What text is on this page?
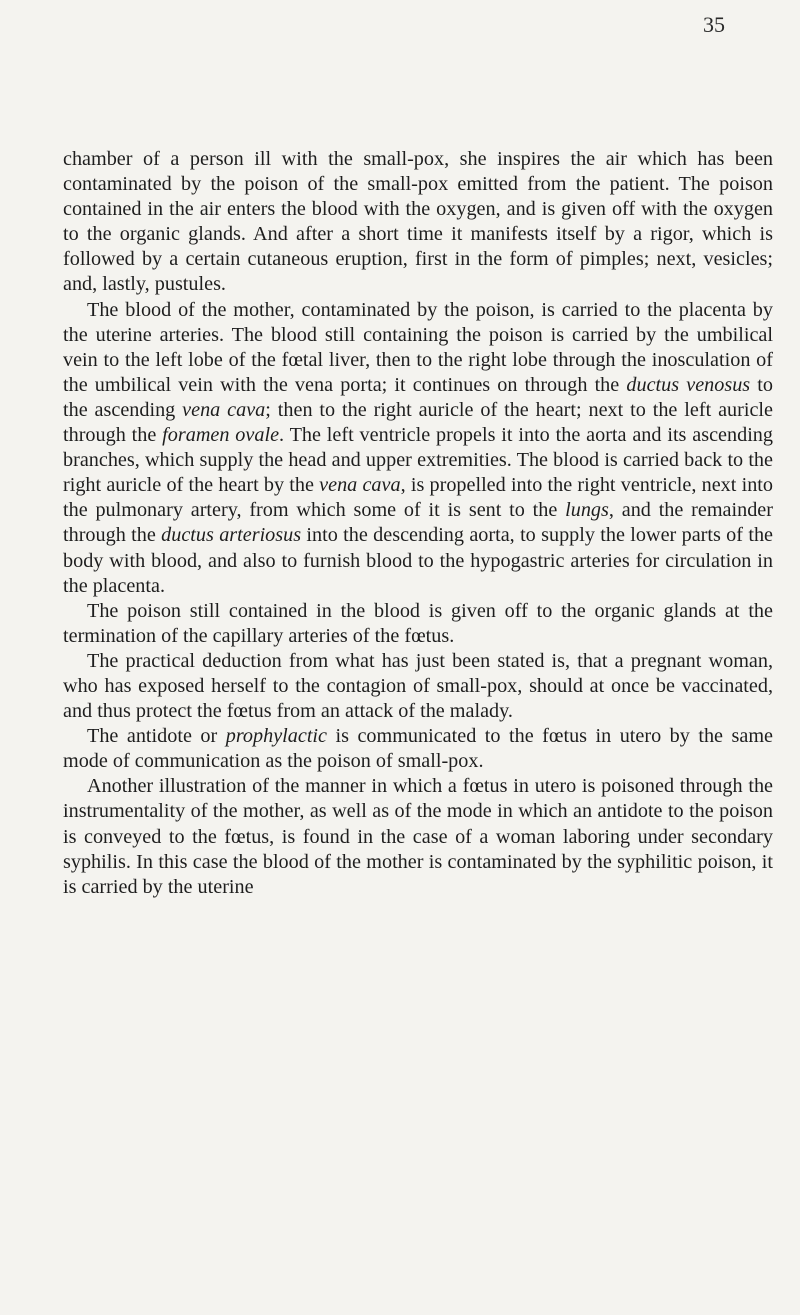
35

chamber of a person ill with the small-pox, she inspires the air which has been contaminated by the poison of the small-pox emitted from the patient. The poison contained in the air enters the blood with the oxygen, and is given off with the oxygen to the organic glands. And after a short time it manifests itself by a rigor, which is followed by a certain cutaneous eruption, first in the form of pimples; next, vesicles; and, lastly, pustules.

The blood of the mother, contaminated by the poison, is carried to the placenta by the uterine arteries. The blood still containing the poison is carried by the umbilical vein to the left lobe of the fœtal liver, then to the right lobe through the inosculation of the umbilical vein with the vena porta; it continues on through the ductus venosus to the ascending vena cava; then to the right auricle of the heart; next to the left auricle through the foramen ovale. The left ventricle propels it into the aorta and its ascending branches, which supply the head and upper extremities. The blood is carried back to the right auricle of the heart by the vena cava, is propelled into the right ventricle, next into the pulmonary artery, from which some of it is sent to the lungs, and the remainder through the ductus arteriosus into the descending aorta, to supply the lower parts of the body with blood, and also to furnish blood to the hypogastric arteries for circulation in the placenta.

The poison still contained in the blood is given off to the organic glands at the termination of the capillary arteries of the fœtus.

The practical deduction from what has just been stated is, that a pregnant woman, who has exposed herself to the contagion of small-pox, should at once be vaccinated, and thus protect the fœtus from an attack of the malady.

The antidote or prophylactic is communicated to the fœtus in utero by the same mode of communication as the poison of small-pox.

Another illustration of the manner in which a fœtus in utero is poisoned through the instrumentality of the mother, as well as of the mode in which an antidote to the poison is conveyed to the fœtus, is found in the case of a woman laboring under secondary syphilis. In this case the blood of the mother is contaminated by the syphilitic poison, it is carried by the uterine
